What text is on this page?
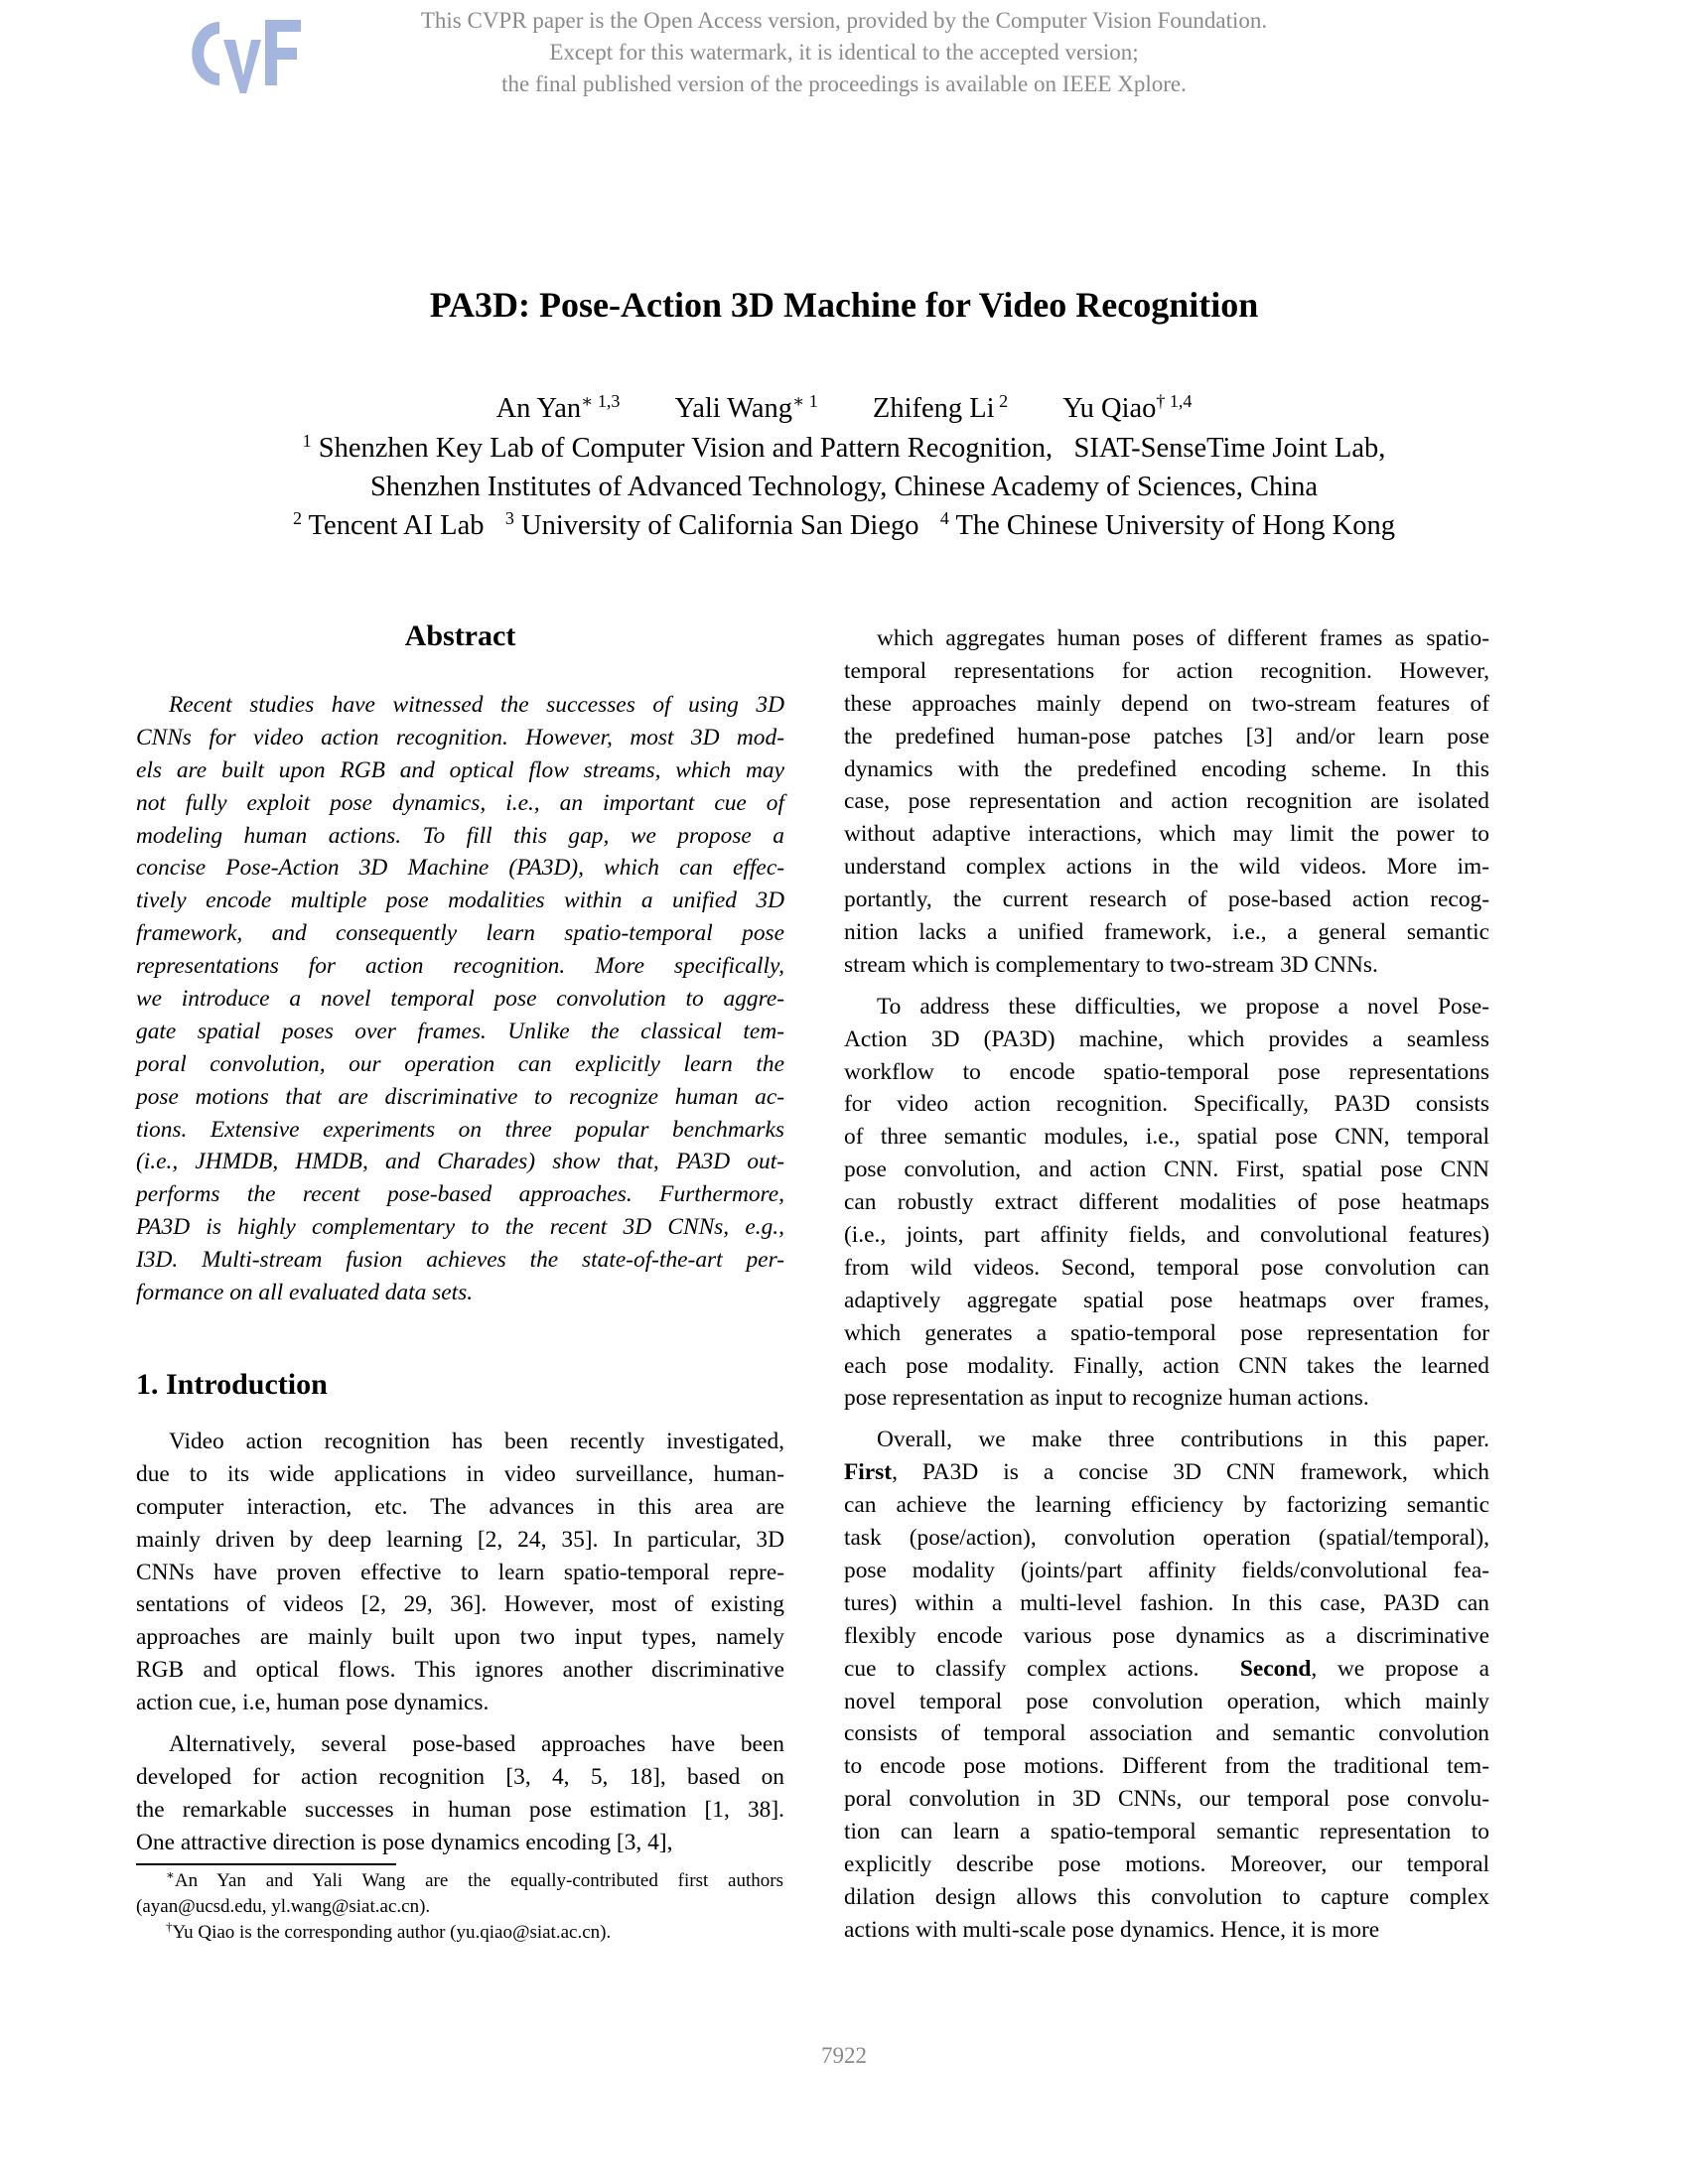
This CVPR paper is the Open Access version, provided by the Computer Vision Foundation.
Except for this watermark, it is identical to the accepted version;
the final published version of the proceedings is available on IEEE Xplore.
PA3D: Pose-Action 3D Machine for Video Recognition
An Yan$^{∗ 1,3}$ Yali Wang$^{∗ 1}$ Zhifeng Li $^2$ Yu Qiao$^{\dagger 1,4}$
$^1$ Shenzhen Key Lab of Computer Vision and Pattern Recognition,   SIAT-SenseTime Joint Lab,
Shenzhen Institutes of Advanced Technology, Chinese Academy of Sciences, China
$^2$ Tencent AI Lab $^3$ University of California San Diego $^4$ The Chinese University of Hong Kong
Abstract
Recent studies have witnessed the successes of using 3D
CNNs for video action recognition. However, most 3D mod-
els are built upon RGB and optical flow streams, which may
not fully exploit pose dynamics, i.e., an important cue of
modeling human actions. To fill this gap, we propose a
concise Pose-Action 3D Machine (PA3D), which can effec-
tively encode multiple pose modalities within a unified 3D
framework, and consequently learn spatio-temporal pose
representations for action recognition. More specifically,
we introduce a novel temporal pose convolution to aggre-
gate spatial poses over frames. Unlike the classical tem-
poral convolution, our operation can explicitly learn the
pose motions that are discriminative to recognize human ac-
tions. Extensive experiments on three popular benchmarks
(i.e., JHMDB, HMDB, and Charades) show that, PA3D out-
performs the recent pose-based approaches. Furthermore,
PA3D is highly complementary to the recent 3D CNNs, e.g.,
I3D. Multi-stream fusion achieves the state-of-the-art per-
formance on all evaluated data sets.
1. Introduction
Video action recognition has been recently investigated,
due to its wide applications in video surveillance, human-
computer interaction, etc. The advances in this area are
mainly driven by deep learning [2, 24, 35]. In particular, 3D
CNNs have proven effective to learn spatio-temporal repre-
sentations of videos [2, 29, 36]. However, most of existing
approaches are mainly built upon two input types, namely
RGB and optical flows. This ignores another discriminative
action cue, i.e, human pose dynamics.
Alternatively, several pose-based approaches have been
developed for action recognition [3, 4, 5, 18], based on
the remarkable successes in human pose estimation [1, 38].
One attractive direction is pose dynamics encoding [3, 4],
which aggregates human poses of different frames as spatio-
temporal representations for action recognition. However,
these approaches mainly depend on two-stream features of
the predefined human-pose patches [3] and/or learn pose
dynamics with the predefined encoding scheme. In this
case, pose representation and action recognition are isolated
without adaptive interactions, which may limit the power to
understand complex actions in the wild videos. More im-
portantly, the current research of pose-based action recog-
nition lacks a unified framework, i.e., a general semantic
stream which is complementary to two-stream 3D CNNs.
To address these difficulties, we propose a novel Pose-
Action 3D (PA3D) machine, which provides a seamless
workflow to encode spatio-temporal pose representations
for video action recognition. Specifically, PA3D consists
of three semantic modules, i.e., spatial pose CNN, temporal
pose convolution, and action CNN. First, spatial pose CNN
can robustly extract different modalities of pose heatmaps
(i.e., joints, part affinity fields, and convolutional features)
from wild videos. Second, temporal pose convolution can
adaptively aggregate spatial pose heatmaps over frames,
which generates a spatio-temporal pose representation for
each pose modality. Finally, action CNN takes the learned
pose representation as input to recognize human actions.
Overall, we make three contributions in this paper.
First, PA3D is a concise 3D CNN framework, which
can achieve the learning efficiency by factorizing semantic
task (pose/action), convolution operation (spatial/temporal),
pose modality (joints/part affinity fields/convolutional fea-
tures) within a multi-level fashion. In this case, PA3D can
flexibly encode various pose dynamics as a discriminative
cue to classify complex actions.  Second, we propose a
novel temporal pose convolution operation, which mainly
consists of temporal association and semantic convolution
to encode pose motions. Different from the traditional tem-
poral convolution in 3D CNNs, our temporal pose convolu-
tion can learn a spatio-temporal semantic representation to
explicitly describe pose motions. Moreover, our temporal
dilation design allows this convolution to capture complex
actions with multi-scale pose dynamics. Hence, it is more
∗An Yan and Yali Wang are the equally-contributed first authors
(ayan@ucsd.edu, yl.wang@siat.ac.cn).
†Yu Qiao is the corresponding author (yu.qiao@siat.ac.cn).
7922
